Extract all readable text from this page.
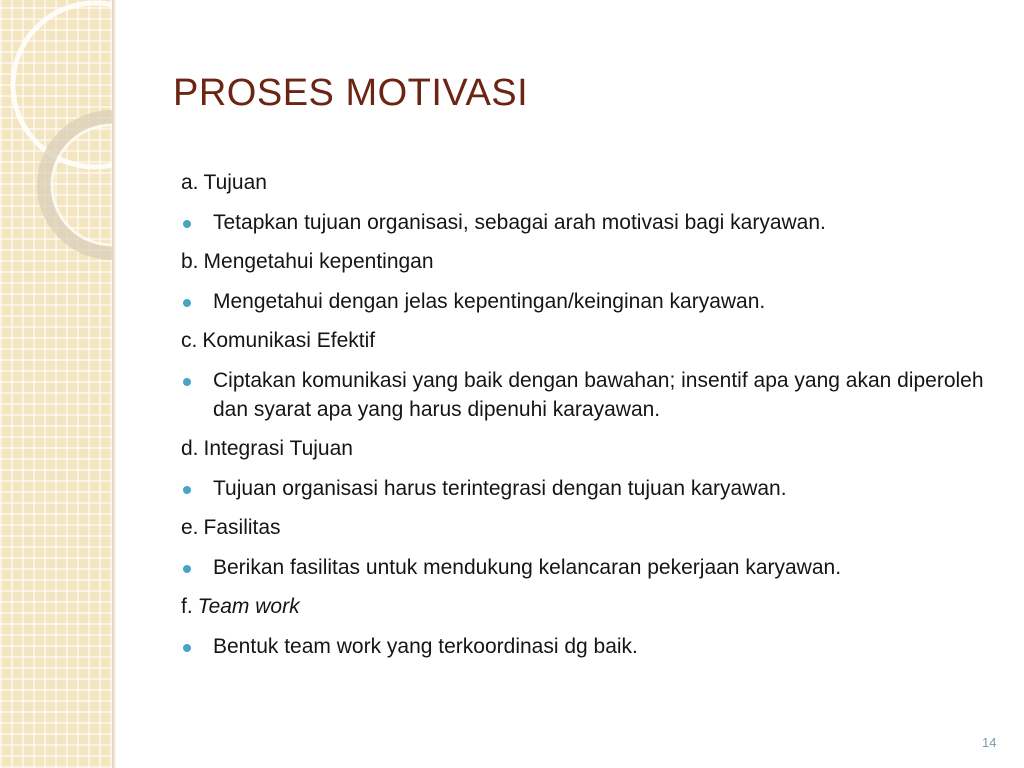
PROSES MOTIVASI
a. Tujuan
Tetapkan tujuan organisasi, sebagai arah motivasi bagi karyawan.
b. Mengetahui kepentingan
Mengetahui dengan jelas kepentingan/keinginan karyawan.
c. Komunikasi Efektif
Ciptakan komunikasi yang baik dengan bawahan; insentif apa yang akan diperoleh dan syarat apa yang harus dipenuhi karayawan.
d. Integrasi Tujuan
Tujuan organisasi harus terintegrasi dengan tujuan karyawan.
e. Fasilitas
Berikan fasilitas untuk mendukung kelancaran pekerjaan karyawan.
f. Team work
Bentuk team work yang terkoordinasi dg baik.
14
